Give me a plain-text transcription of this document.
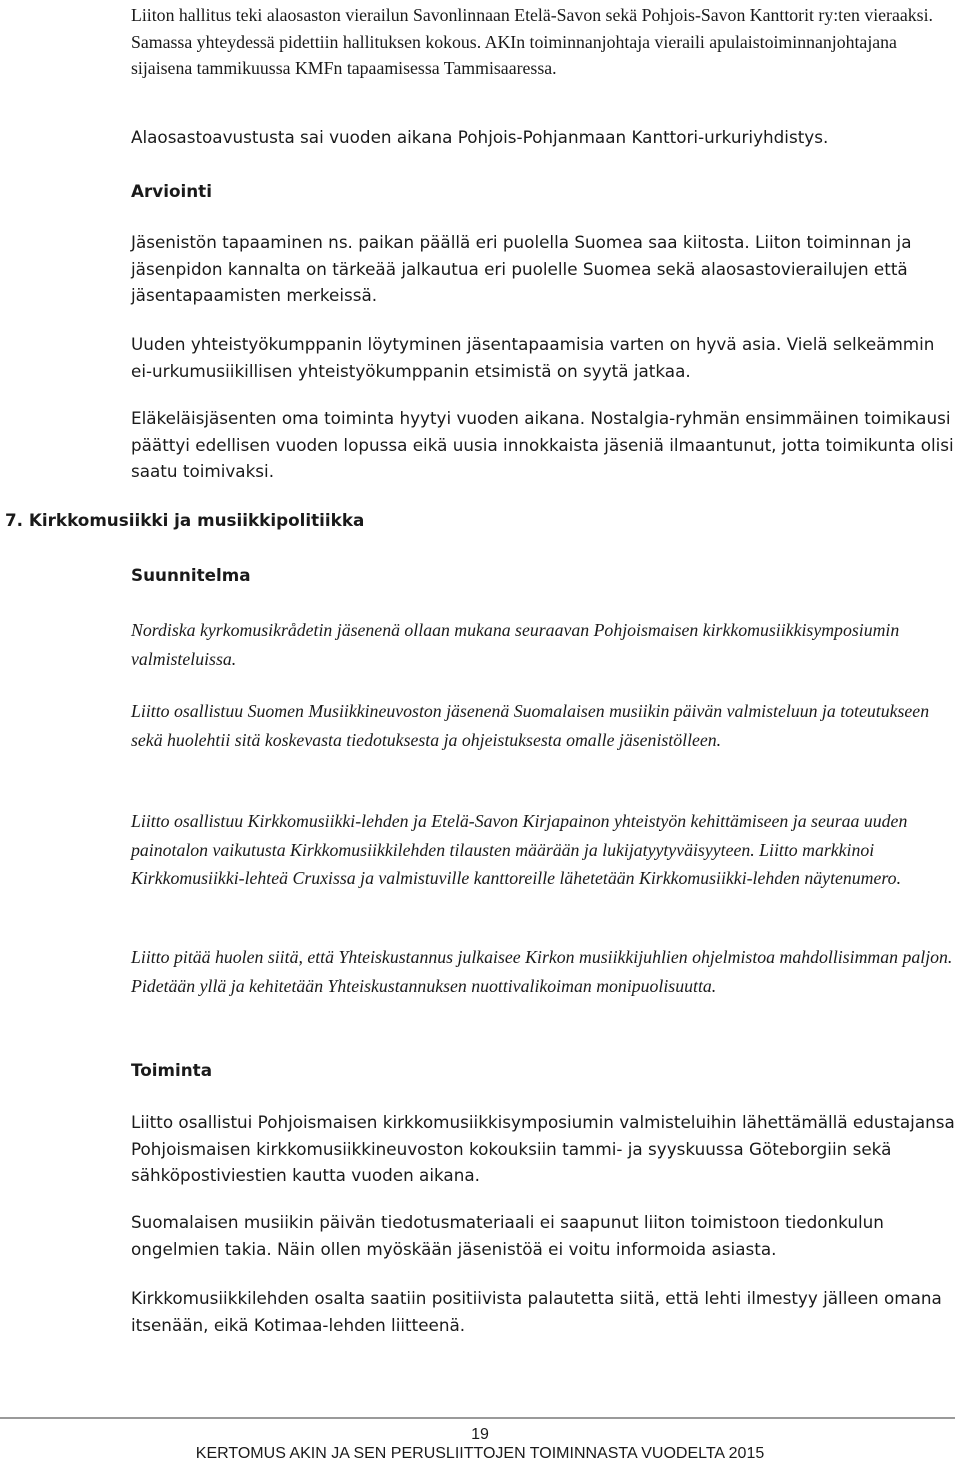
Liiton hallitus teki alaosaston vierailun Savonlinnaan Etelä-Savon sekä Pohjois-Savon Kanttorit ry:ten vieraaksi. Samassa yhteydessä pidettiin hallituksen kokous. AKIn toiminnanjohtaja vieraili apulaistoiminnanjohtajana sijaisena tammikuussa KMFn tapaamisessa Tammisaaressa.

Alaosastoavustusta sai vuoden aikana Pohjois-Pohjanmaan Kanttori-urkuriyhdistys.

Arviointi

Jäsenistön tapaaminen ns. paikan päällä eri puolella Suomea saa kiitosta. Liiton toiminnan ja jäsenpidon kannalta on tärkeää jalkautua eri puolelle Suomea sekä alaosastovierailujen että jäsentapaamisten merkeissä.

Uuden yhteistyökumppanin löytyminen jäsentapaamisia varten on hyvä asia. Vielä selkeämmin ei-urkumusiikillisen yhteistyökumppanin etsimistä on syytä jatkaa.

Eläkeläisjäsenten oma toiminta hyytyi vuoden aikana. Nostalgia-ryhmän ensimmäinen toimikausi päättyi edellisen vuoden lopussa eikä uusia innokkaista jäseniä ilmaantunut, jotta toimikunta olisi saatu toimivaksi.

7. Kirkkomusiikki ja musiikkipolitiikka
Suunnitelma

Nordiska kyrkomusikrådetin jäsenenä ollaan mukana seuraavan Pohjoismaisen kirkkomusiikkisymposiumin valmisteluissa.

Liitto osallistuu Suomen Musiikkineuvoston jäsenenä Suomalaisen musiikin päivän valmisteluun ja toteutukseen sekä huolehtii sitä koskevasta tiedotuksesta ja ohjeistuksesta omalle jäsenistölleen.

Liitto osallistuu Kirkkomusiikki-lehden ja Etelä-Savon Kirjapainon yhteistyön kehittämiseen ja seuraa uuden painotalon vaikutusta Kirkkomusiikkilehden tilausten määrään ja lukijatyytyväisyyteen. Liitto markkinoi Kirkkomusiikki-lehteä Cruxissa ja valmistuville kanttoreille lähetetään Kirkkomusiikki-lehden näytenumero.

Liitto pitää huolen siitä, että Yhteiskustannus julkaisee Kirkon musiikkijuhlien ohjelmistoa mahdollisimman paljon. Pidetään yllä ja kehitetään Yhteiskustannuksen nuottivalikoiman monipuolisuutta.

Toiminta

Liitto osallistui Pohjoismaisen kirkkomusiikkisymposiumin valmisteluihin lähettämällä edustajansa Pohjoismaisen kirkkomusiikkineuvoston kokouksiin tammi- ja syyskuussa Göteborgiin sekä sähköpostiviestien kautta vuoden aikana.

Suomalaisen musiikin päivän tiedotusmateriaali ei saapunut liiton toimistoon tiedonkulun ongelmien takia. Näin ollen myöskään jäsenistöä ei voitu informoida asiasta.

Kirkkomusiikkilehden osalta saatiin positiivista palautetta siitä, että lehti ilmestyy jälleen omana itsenään, eikä Kotimaa-lehden liitteenä.

19
KERTOMUS AKIN JA SEN PERUSLIITTOJEN TOIMINNASTA VUODELTA 2015
